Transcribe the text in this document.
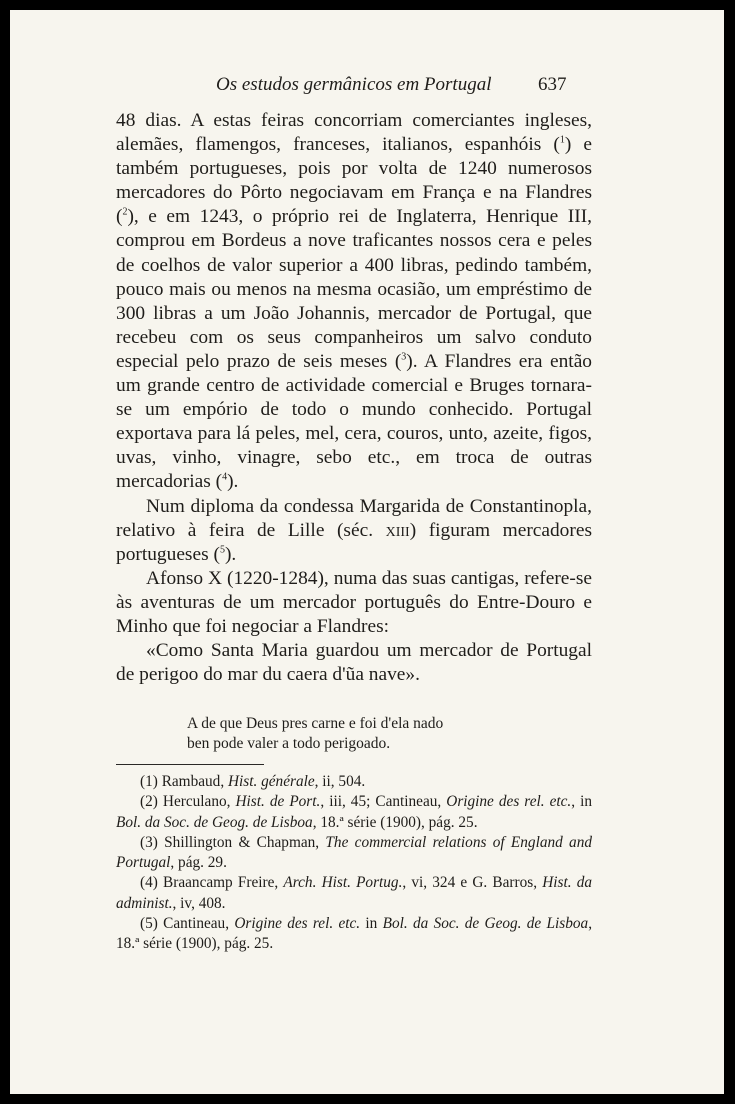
Os estudos germânicos em Portugal 637

48 dias. A estas feiras concorriam comerciantes ingleses, alemães, flamengos, franceses, italianos, espanhóis ($^1$) e também portugueses, pois por volta de 1240 numerosos mercadores do Pôrto negociavam em França e na Flandres ($^2$), e em 1243, o próprio rei de Inglaterra, Henrique III, comprou em Bordeus a nove traficantes nossos cera e peles de coelhos de valor superior a 400 libras, pedindo também, pouco mais ou menos na mesma ocasião, um empréstimo de 300 libras a um João Johannis, mercador de Portugal, que recebeu com os seus companheiros um salvo conduto especial pelo prazo de seis meses ($^3$). A Flandres era então um grande centro de actividade comercial e Bruges tornara-se um empório de todo o mundo conhecido. Portugal exportava para lá peles, mel, cera, couros, unto, azeite, figos, uvas, vinho, vinagre, sebo etc., em troca de outras mercadorias ($^4$).

Num diploma da condessa Margarida de Constantinopla, relativo à feira de Lille (séc. xiii) figuram mercadores portugueses ($^5$).

Afonso X (1220-1284), numa das suas cantigas, refere-se às aventuras de um mercador português do Entre-Douro e Minho que foi negociar a Flandres:

«Como Santa Maria guardou um mercador de Portugal de perigoo do mar du caera d'ũa nave».

A de que Deus pres carne e foi d'ela nado
ben pode valer a todo perigoado.

(1) Rambaud, Hist. générale, ii, 504.

(2) Herculano, Hist. de Port., iii, 45; Cantineau, Origine des rel. etc., in Bol. da Soc. de Geog. de Lisboa, 18.ª série (1900), pág. 25.

(3) Shillington & Chapman, The commercial relations of England and Portugal, pág. 29.

(4) Braancamp Freire, Arch. Hist. Portug., vi, 324 e G. Barros, Hist. da administ., iv, 408.

(5) Cantineau, Origine des rel. etc. in Bol. da Soc. de Geog. de Lisboa, 18.ª série (1900), pág. 25.
